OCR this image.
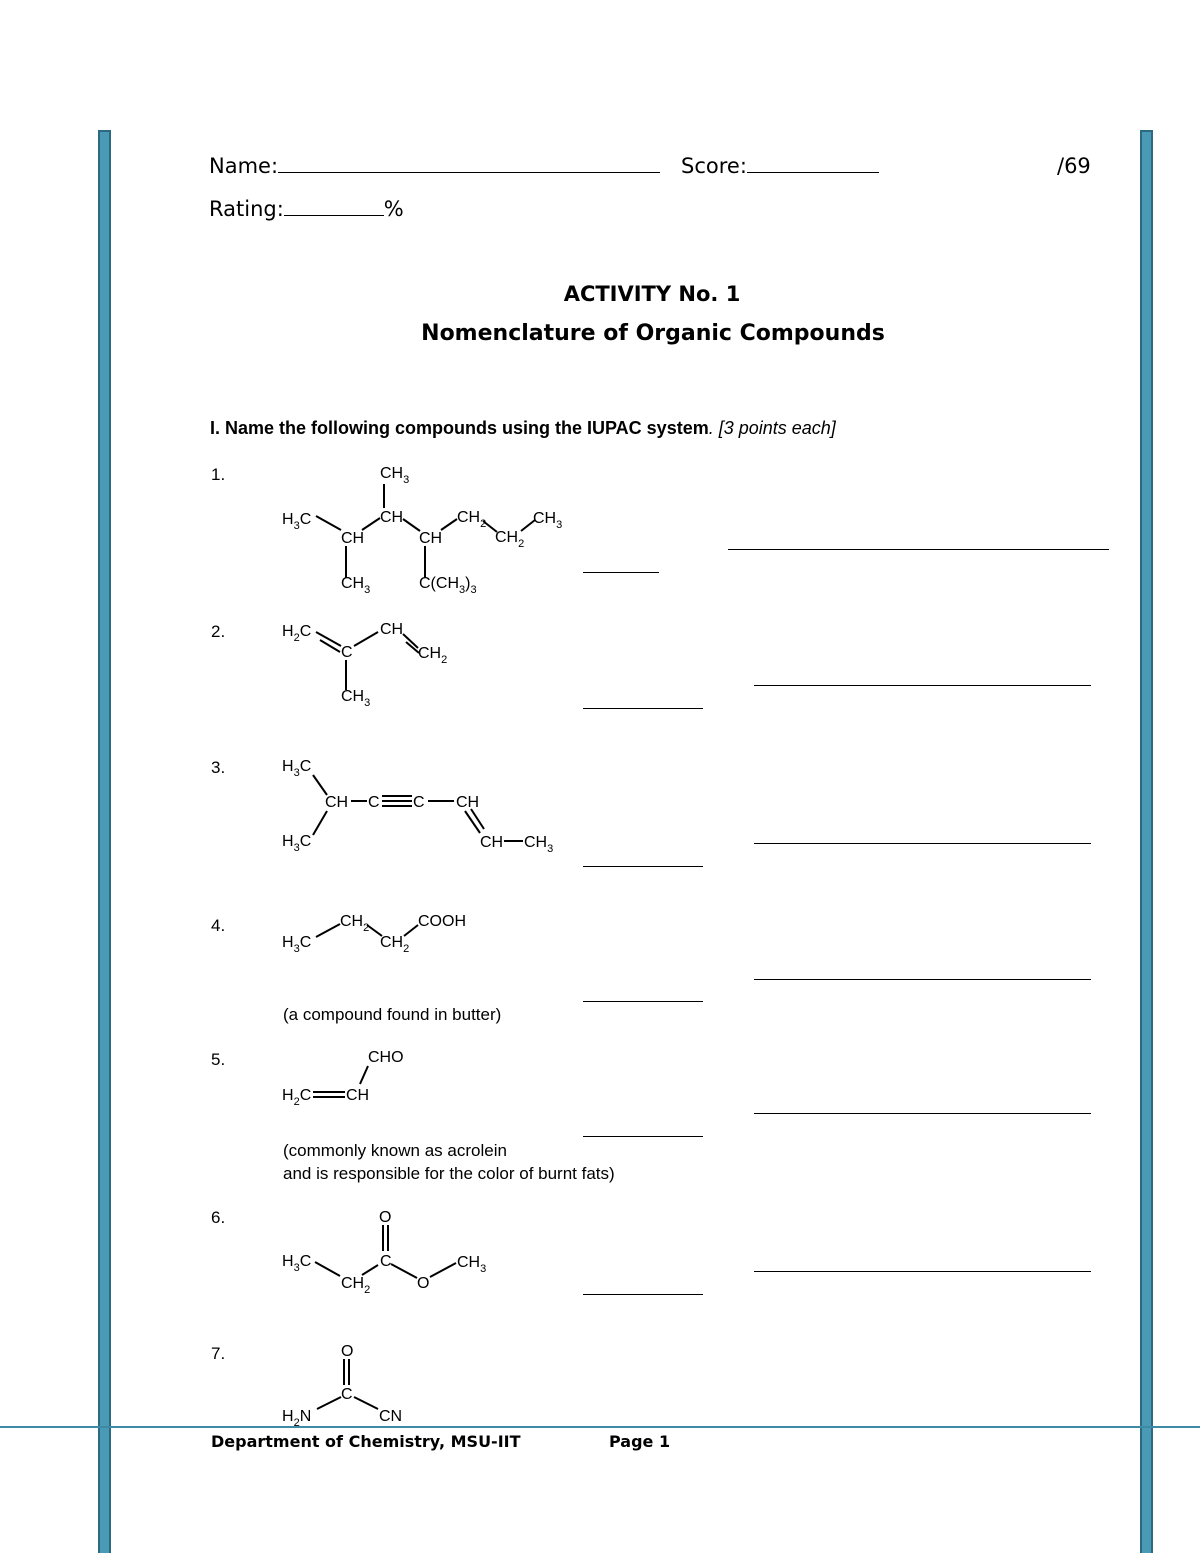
Name:	Score:	/69
Rating:	%
ACTIVITY No. 1
Nomenclature of Organic Compounds
I. Name the following compounds using the IUPAC system. [3 points each]
1.
2.
3.
4.
5.
6.
7.
(a compound found in butter)
(commonly known as acrolein
and is responsible for the color of burnt fats)
$CH_3$
$H_3C$	CH
CH	CH
$CH_2$
$CH_2$
$CH_3$
$CH_3$	$C(CH_3)_3$
$H_2C$	CH
C	$CH_2$
$CH_3$
$H_3C$
CH C C CH
$H_3C$	CH $CH_3$
$H_3C$
$CH_2$
$CH_2$
COOH
CHO
$H_2C$ CH
O
$H_3C$	C
$CH_2$	O
$CH_3$
O
C
$H_2N$	CN
Department of Chemistry, MSU-IIT	Page 1
